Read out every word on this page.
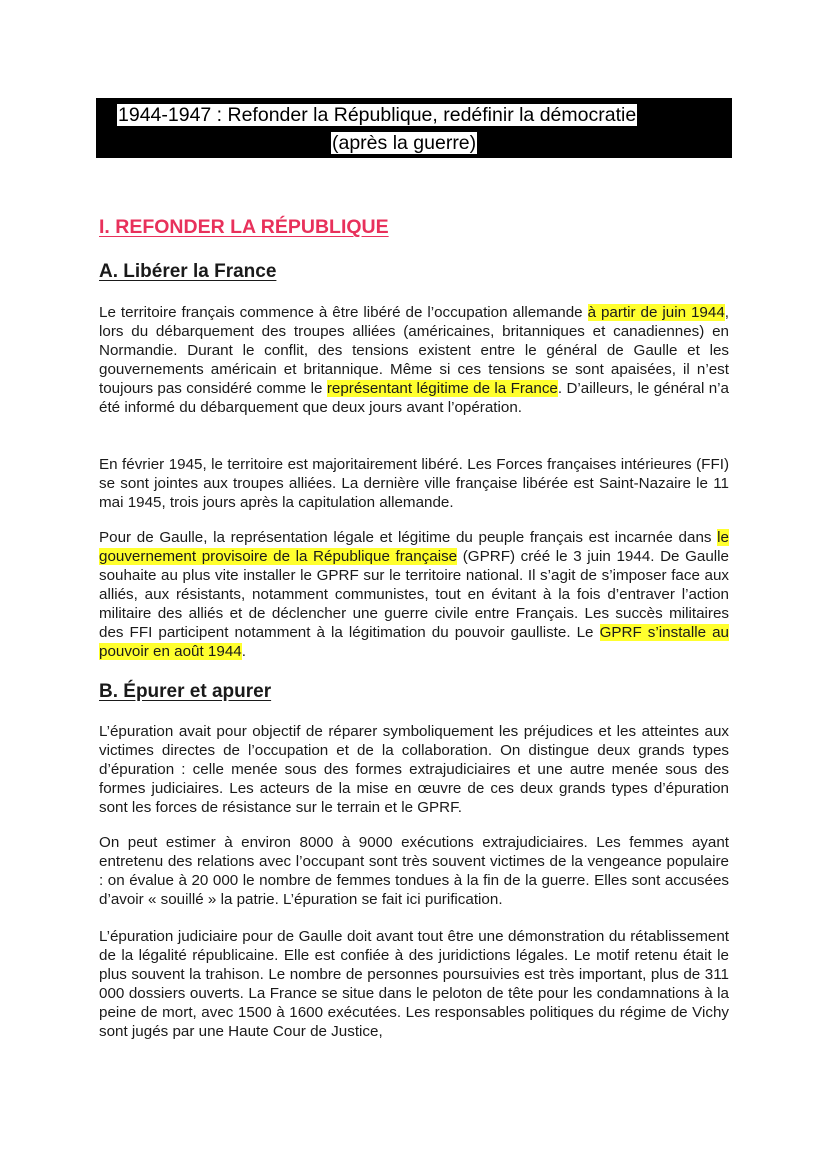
1944-1947 : Refonder la République, redéfinir la démocratie
(après la guerre)
I. REFONDER LA RÉPUBLIQUE
A. Libérer la France

Le territoire français commence à être libéré de l’occupation allemande à partir de juin 1944, lors du débarquement des troupes alliées (américaines, britanniques et canadiennes) en Normandie. Durant le conflit, des tensions existent entre le général de Gaulle et les gouvernements américain et britannique. Même si ces tensions se sont apaisées, il n’est toujours pas considéré comme le représentant légitime de la France. D’ailleurs, le général n’a été informé du débarquement que deux jours avant l’opération.

En février 1945, le territoire est majoritairement libéré. Les Forces françaises intérieures (FFI) se sont jointes aux troupes alliées. La dernière ville française libérée est Saint-Nazaire le 11 mai 1945, trois jours après la capitulation allemande.

Pour de Gaulle, la représentation légale et légitime du peuple français est incarnée dans le gouvernement provisoire de la République française (GPRF) créé le 3 juin 1944. De Gaulle souhaite au plus vite installer le GPRF sur le territoire national. Il s’agit de s’imposer face aux alliés, aux résistants, notamment communistes, tout en évitant à la fois d’entraver l’action militaire des alliés et de déclencher une guerre civile entre Français. Les succès militaires des FFI participent notamment à la légitimation du pouvoir gaulliste. Le GPRF s’installe au pouvoir en août 1944.

B. Épurer et apurer

L’épuration avait pour objectif de réparer symboliquement les préjudices et les atteintes aux victimes directes de l’occupation et de la collaboration. On distingue deux grands types d’épuration : celle menée sous des formes extrajudiciaires et une autre menée sous des formes judiciaires. Les acteurs de la mise en œuvre de ces deux grands types d’épuration sont les forces de résistance sur le terrain et le GPRF.

On peut estimer à environ 8000 à 9000 exécutions extrajudiciaires. Les femmes ayant entretenu des relations avec l’occupant sont très souvent victimes de la vengeance populaire : on évalue à 20 000 le nombre de femmes tondues à la fin de la guerre. Elles sont accusées d’avoir « souillé » la patrie. L’épuration se fait ici purification.

L’épuration judiciaire pour de Gaulle doit avant tout être une démonstration du rétablissement de la légalité républicaine. Elle est confiée à des juridictions légales. Le motif retenu était le plus souvent la trahison. Le nombre de personnes poursuivies est très important, plus de 311 000 dossiers ouverts. La France se situe dans le peloton de tête pour les condamnations à la peine de mort, avec 1500 à 1600 exécutées. Les responsables politiques du régime de Vichy sont jugés par une Haute Cour de Justice,
